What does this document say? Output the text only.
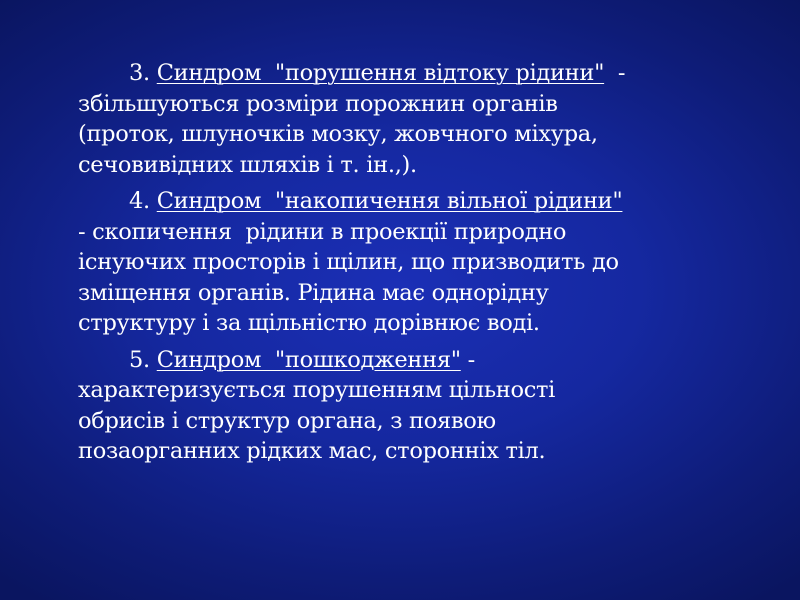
3. Синдром  "порушення відтоку рідини"  -
збільшуються розміри порожнин органів
(проток, шлуночків мозку, жовчного міхура,
сечовивідних шляхів і т. ін.,).

4. Синдром  "накопичення вільної рідини"
- скопичення  рідини в проекції природно
існуючих просторів і щілин, що призводить до
зміщення органів. Рідина має однорідну
структуру і за щільністю дорівнює воді.

5. Синдром  "пошкодження" -
характеризується порушенням цільності
обрисів і структур органа, з появою
позаорганних рідких мас, сторонніх тіл.
